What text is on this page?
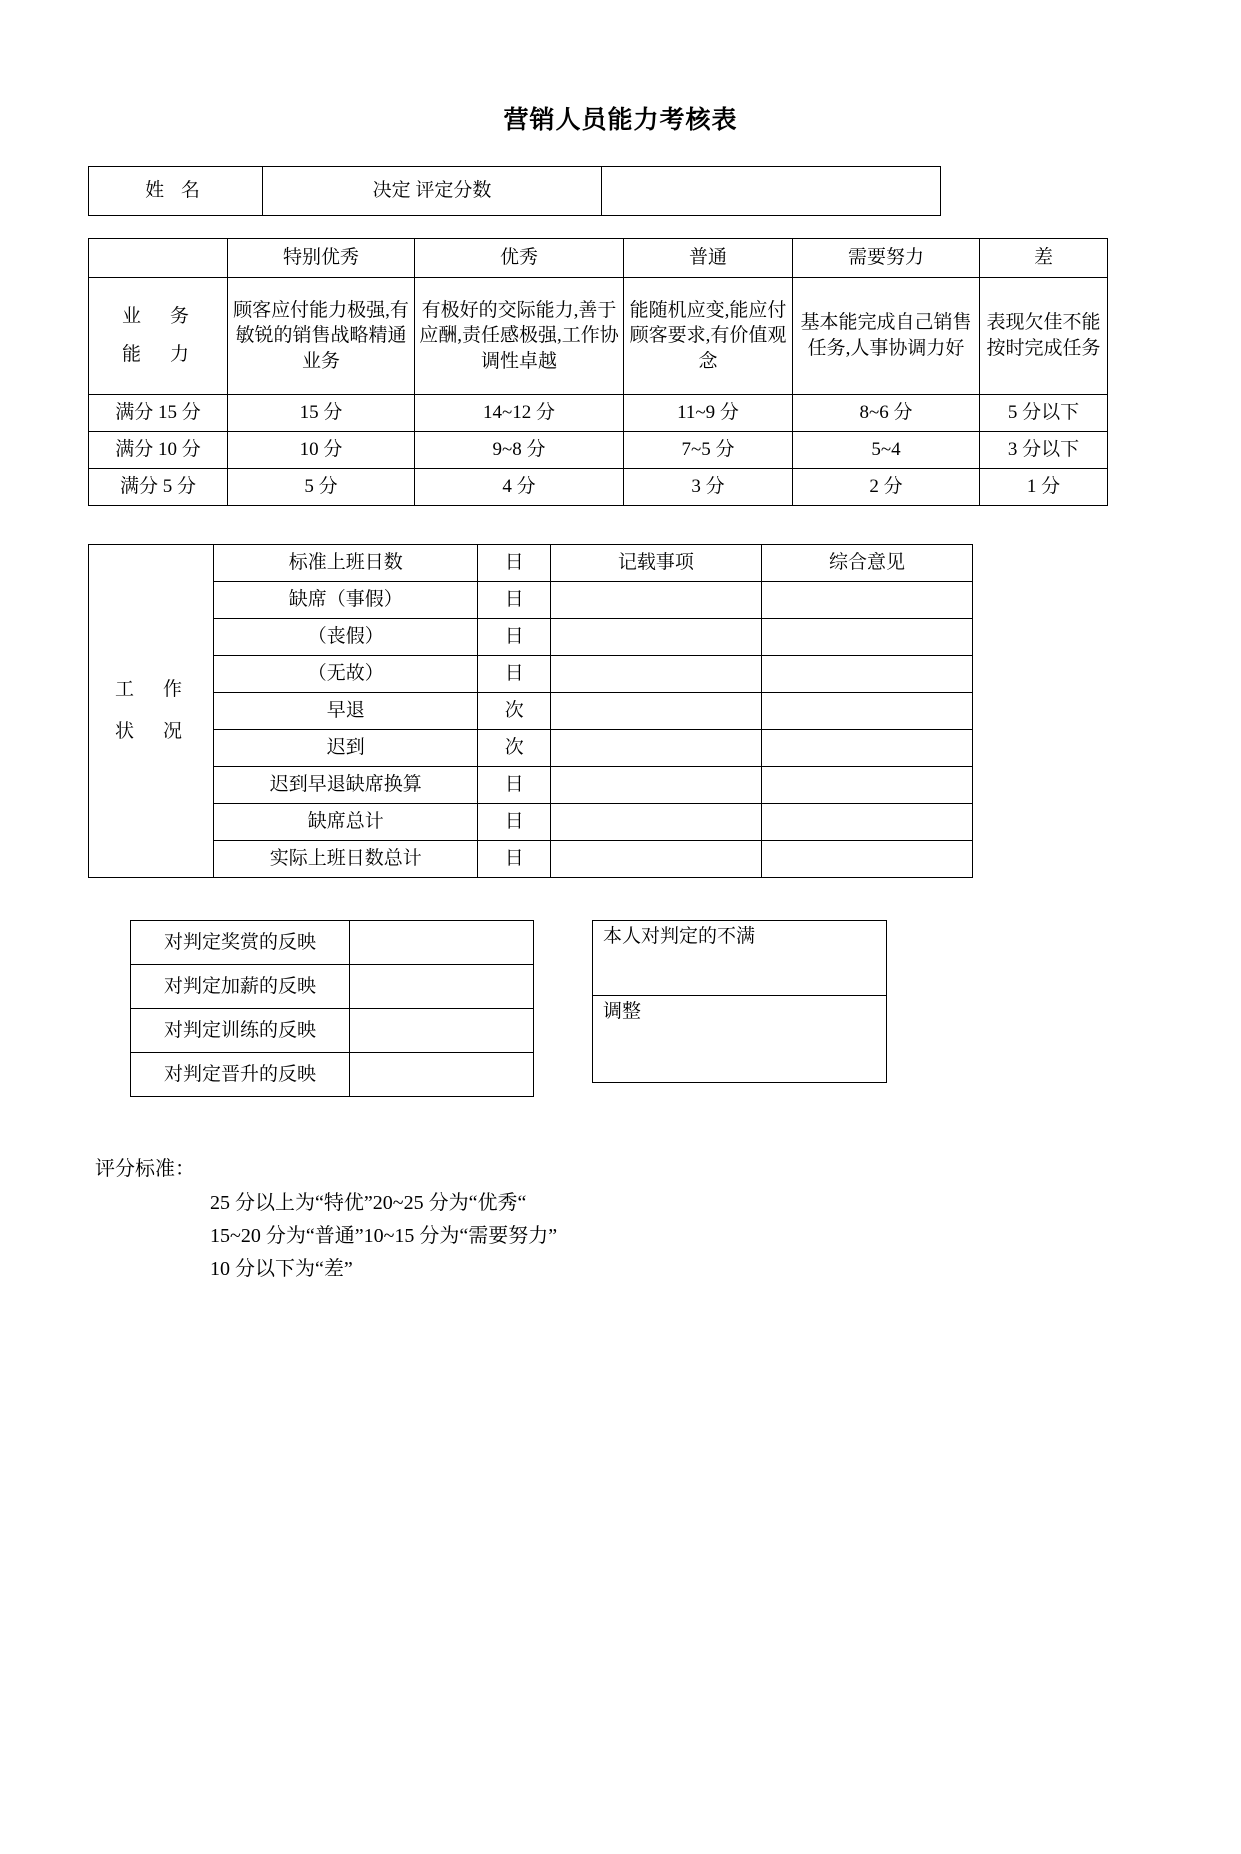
营销人员能力考核表
姓 名	决定 评定分数	
	特别优秀	优秀	普通	需要努力	差

业　务
能　力	顾客应付能力极强,有敏锐的销售战略精通业务	有极好的交际能力,善于应酬,责任感极强,工作协调性卓越	能随机应变,能应付顾客要求,有价值观念	基本能完成自己销售任务,人事协调力好	表现欠佳不能按时完成任务
满分 15 分	15 分	14~12 分	11~9 分	8~6 分	5 分以下
满分 10 分	10 分	9~8 分	7~5 分	5~4	3 分以下
满分 5 分	5 分	4 分	3 分	2 分	1 分
工　作
状　况	标准上班日数	日	记载事项	综合意见
	缺席（事假）	日		
	（丧假）	日		
	（无故）	日		
	早退	次		
	迟到	次		
	迟到早退缺席换算	日		
	缺席总计	日		
	实际上班日数总计	日		
对判定奖赏的反映	
对判定加薪的反映	
对判定训练的反映	
对判定晋升的反映	
本人对判定的不满
调整
评分标准：
25 分以上为“特优”20~25 分为“优秀“
15~20 分为“普通”10~15 分为“需要努力”
10 分以下为“差”
